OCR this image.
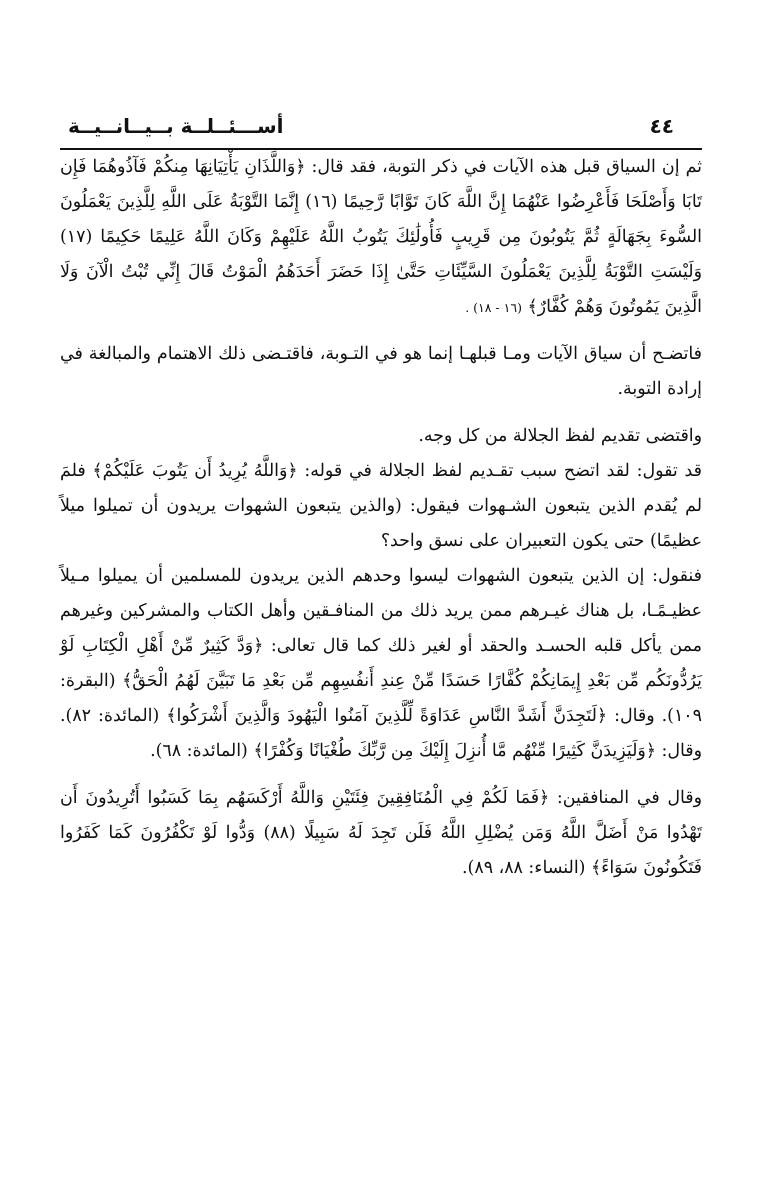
٤٤
أســـئــلــة بــيــانــيــة

ثم إن السياق قبل هذه الآيات في ذكر التوبة، فقد قال: ﴿وَاللَّذَانِ يَأْتِيَانِهَا مِنكُمْ فَآذُوهُمَا فَإِن تَابَا وَأَصْلَحَا فَأَعْرِضُوا عَنْهُمَا إِنَّ اللَّهَ كَانَ تَوَّابًا رَّحِيمًا (١٦) إِنَّمَا التَّوْبَةُ عَلَى اللَّهِ لِلَّذِينَ يَعْمَلُونَ السُّوءَ بِجَهَالَةٍ ثُمَّ يَتُوبُونَ مِن قَرِيبٍ فَأُولَٰئِكَ يَتُوبُ اللَّهُ عَلَيْهِمْ وَكَانَ اللَّهُ عَلِيمًا حَكِيمًا (١٧) وَلَيْسَتِ التَّوْبَةُ لِلَّذِينَ يَعْمَلُونَ السَّيِّئَاتِ حَتَّىٰ إِذَا حَضَرَ أَحَدَهُمُ الْمَوْتُ قَالَ إِنِّي تُبْتُ الْآنَ وَلَا الَّذِينَ يَمُوتُونَ وَهُمْ كُفَّارٌ﴾ (١٦ - ١٨) .

فاتضـح أن سياق الآيات ومـا قبلهـا إنما هو في التـوبة، فاقتـضى ذلك الاهتمام والمبالغة في إرادة التوبة.

واقتضى تقديم لفظ الجلالة من كل وجه.

قد تقول: لقد اتضح سبب تقـديم لفظ الجلالة في قوله: ﴿وَاللَّهُ يُرِيدُ أَن يَتُوبَ عَلَيْكُمْ﴾ فلمَ لم يُقدم الذين يتبعون الشـهوات فيقول: (والذين يتبعون الشهوات يريدون أن تميلوا ميلاً عظيمًا) حتى يكون التعبيران على نسق واحد؟

فنقول: إن الذين يتبعون الشهوات ليسوا وحدهم الذين يريدون للمسلمين أن يميلوا مـيلاً عظيـمًـا، بل هناك غيـرهم ممن يريد ذلك من المنافـقين وأهل الكتاب والمشركين وغيرهم ممن يأكل قلبه الحسـد والحقد أو لغير ذلك كما قال تعالى: ﴿وَدَّ كَثِيرٌ مِّنْ أَهْلِ الْكِتَابِ لَوْ يَرُدُّونَكُم مِّن بَعْدِ إِيمَانِكُمْ كُفَّارًا حَسَدًا مِّنْ عِندِ أَنفُسِهِم مِّن بَعْدِ مَا تَبَيَّنَ لَهُمُ الْحَقُّ﴾ (البقرة: ١٠٩). وقال: ﴿لَتَجِدَنَّ أَشَدَّ النَّاسِ عَدَاوَةً لِّلَّذِينَ آمَنُوا الْيَهُودَ وَالَّذِينَ أَشْرَكُوا﴾ (المائدة: ٨٢). وقال: ﴿وَلَيَزِيدَنَّ كَثِيرًا مِّنْهُم مَّا أُنزِلَ إِلَيْكَ مِن رَّبِّكَ طُغْيَانًا وَكُفْرًا﴾ (المائدة: ٦٨).

وقال في المنافقين: ﴿فَمَا لَكُمْ فِي الْمُنَافِقِينَ فِئَتَيْنِ وَاللَّهُ أَرْكَسَهُم بِمَا كَسَبُوا أَتُرِيدُونَ أَن تَهْدُوا مَنْ أَضَلَّ اللَّهُ وَمَن يُضْلِلِ اللَّهُ فَلَن تَجِدَ لَهُ سَبِيلًا (٨٨) وَدُّوا لَوْ تَكْفُرُونَ كَمَا كَفَرُوا فَتَكُونُونَ سَوَاءً﴾ (النساء: ٨٨، ٨٩).
